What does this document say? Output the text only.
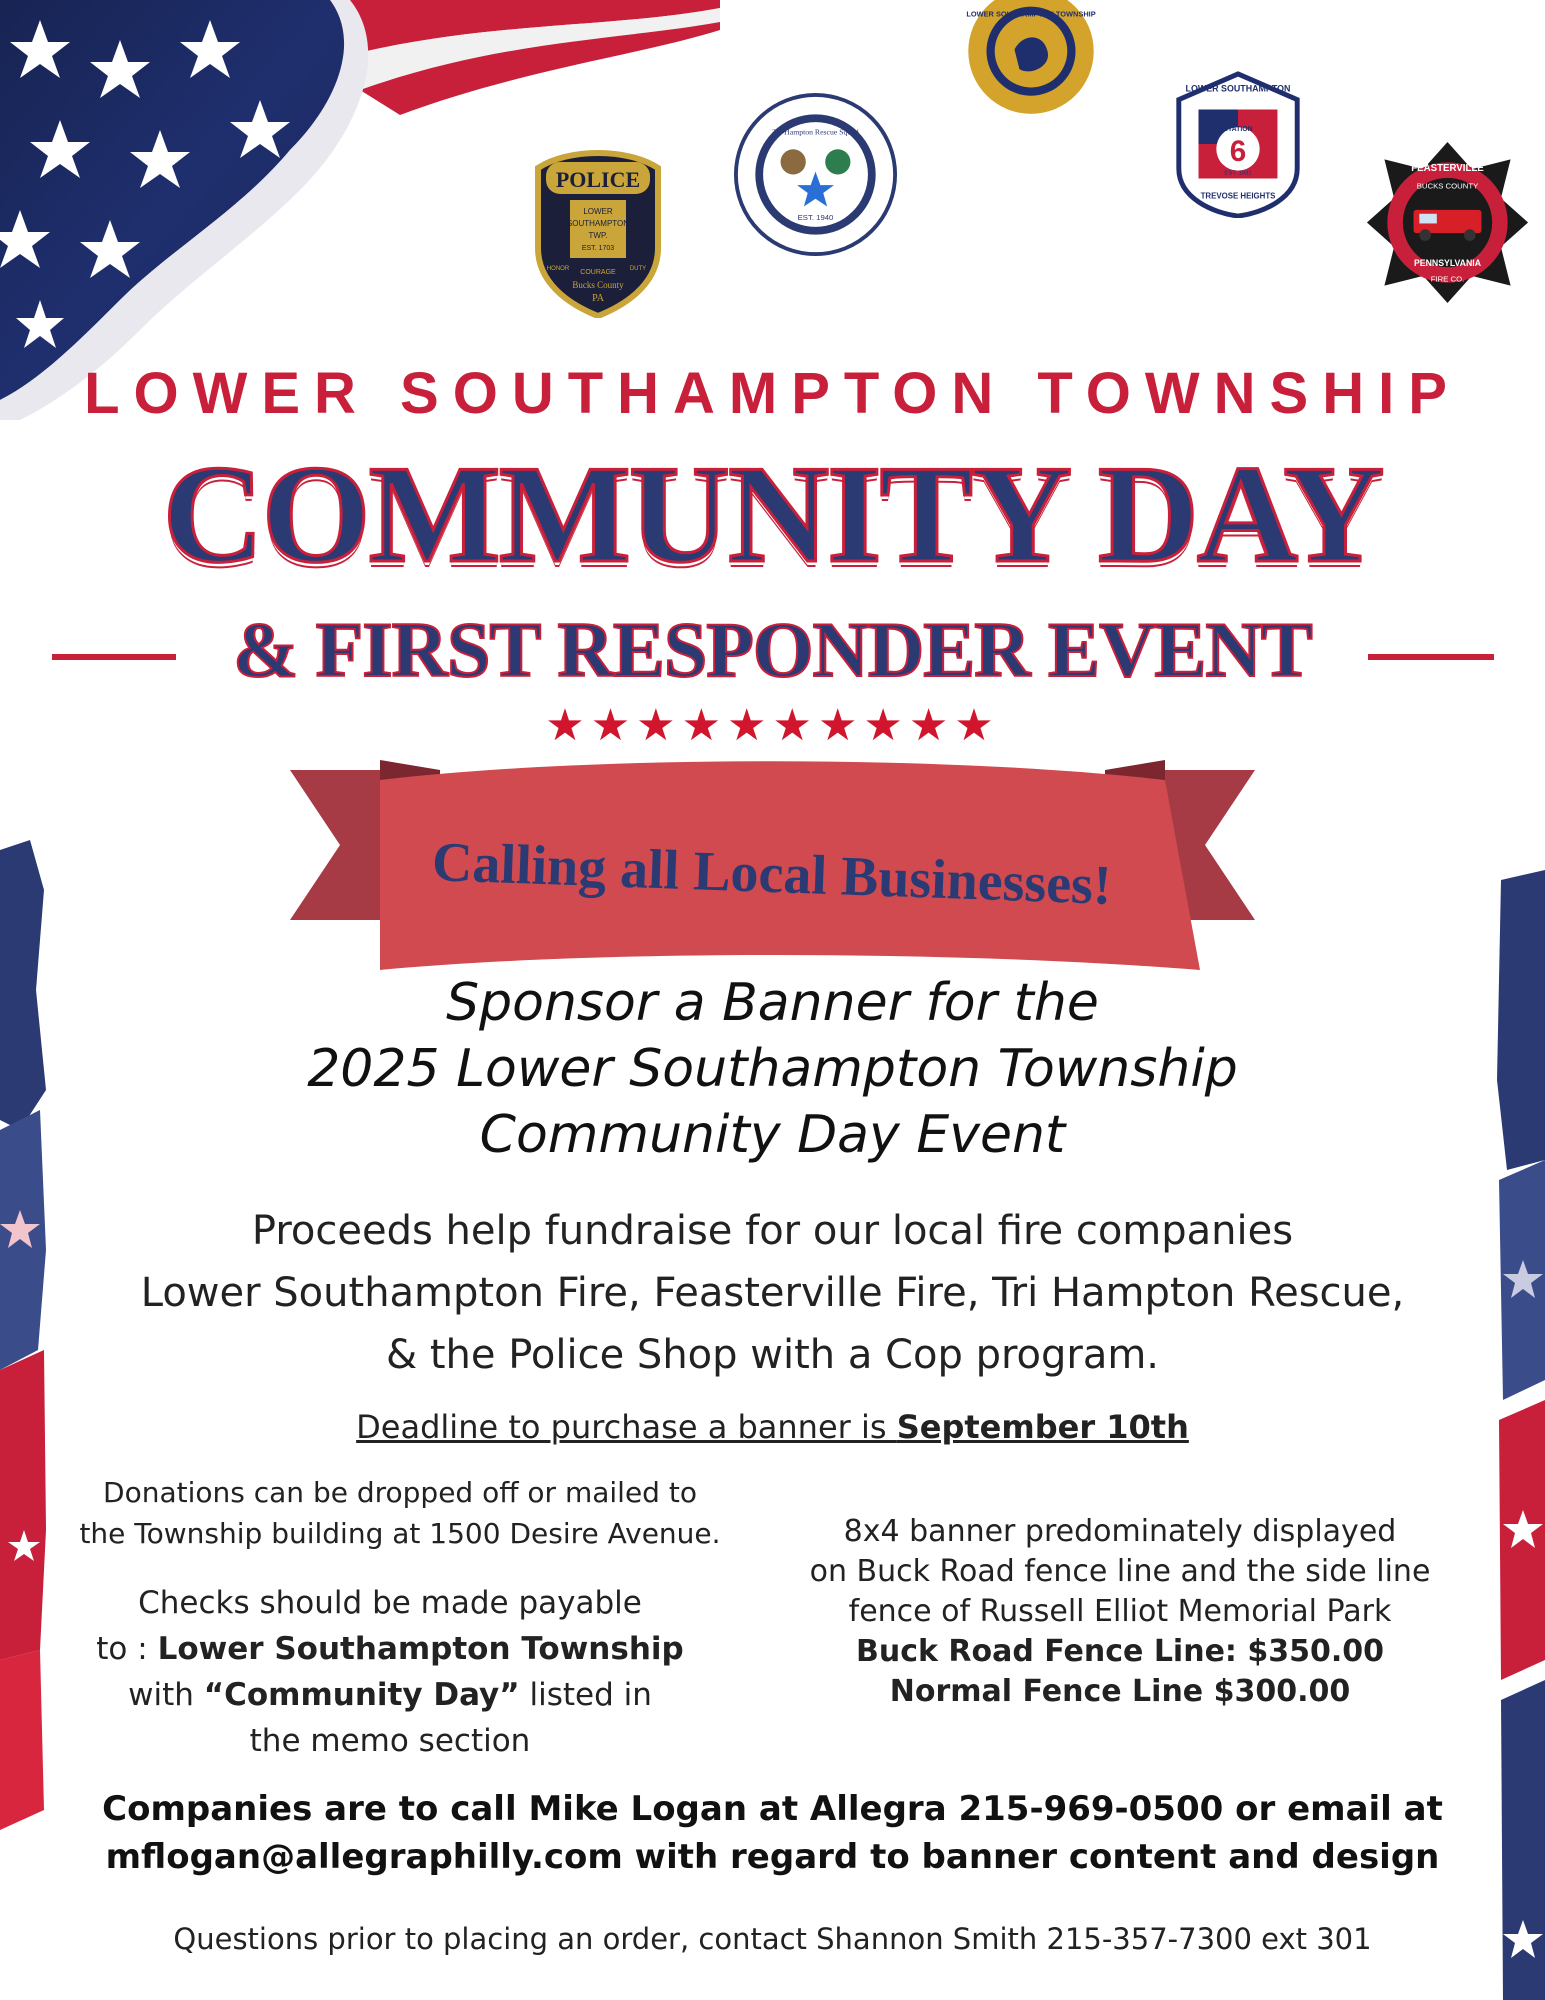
POLICE
LOWER
SOUTHAMPTON
TWP.
EST. 1703
HONOR COURAGE DUTY
Bucks County
PA
Tri-Hampton Rescue Squad
EST. 1940
LOWER SOUTHAMPTON TOWNSHIP
1928	LOWER SOUTHAMPTON
STATION
6
EST. 1931
TREVOSE HEIGHTS
FEASTERVILLE
BUCKS COUNTY
PENNSYLVANIA
FIRE CO.
LOWER SOUTHAMPTON TOWNSHIP
COMMUNITY DAY
& FIRST RESPONDER EVENT
★★★★★★★★★★
Calling all Local Businesses!
Sponsor a Banner for the
2025 Lower Southampton Township
Community Day Event
Proceeds help fundraise for our local fire companies
Lower Southampton Fire, Feasterville Fire, Tri Hampton Rescue,
& the Police Shop with a Cop program.
Deadline to purchase a banner is September 10th
Donations can be dropped off or mailed to
the Township building at 1500 Desire Avenue.
Checks should be made payable
to : Lower Southampton Township
with “Community Day” listed in
the memo section
8x4 banner predominately displayed
on Buck Road fence line and the side line
fence of Russell Elliot Memorial Park
Buck Road Fence Line: $350.00
Normal Fence Line $300.00
Companies are to call Mike Logan at Allegra 215-969-0500 or email at
mflogan@allegraphilly.com with regard to banner content and design
Questions prior to placing an order, contact Shannon Smith 215-357-7300 ext 301
